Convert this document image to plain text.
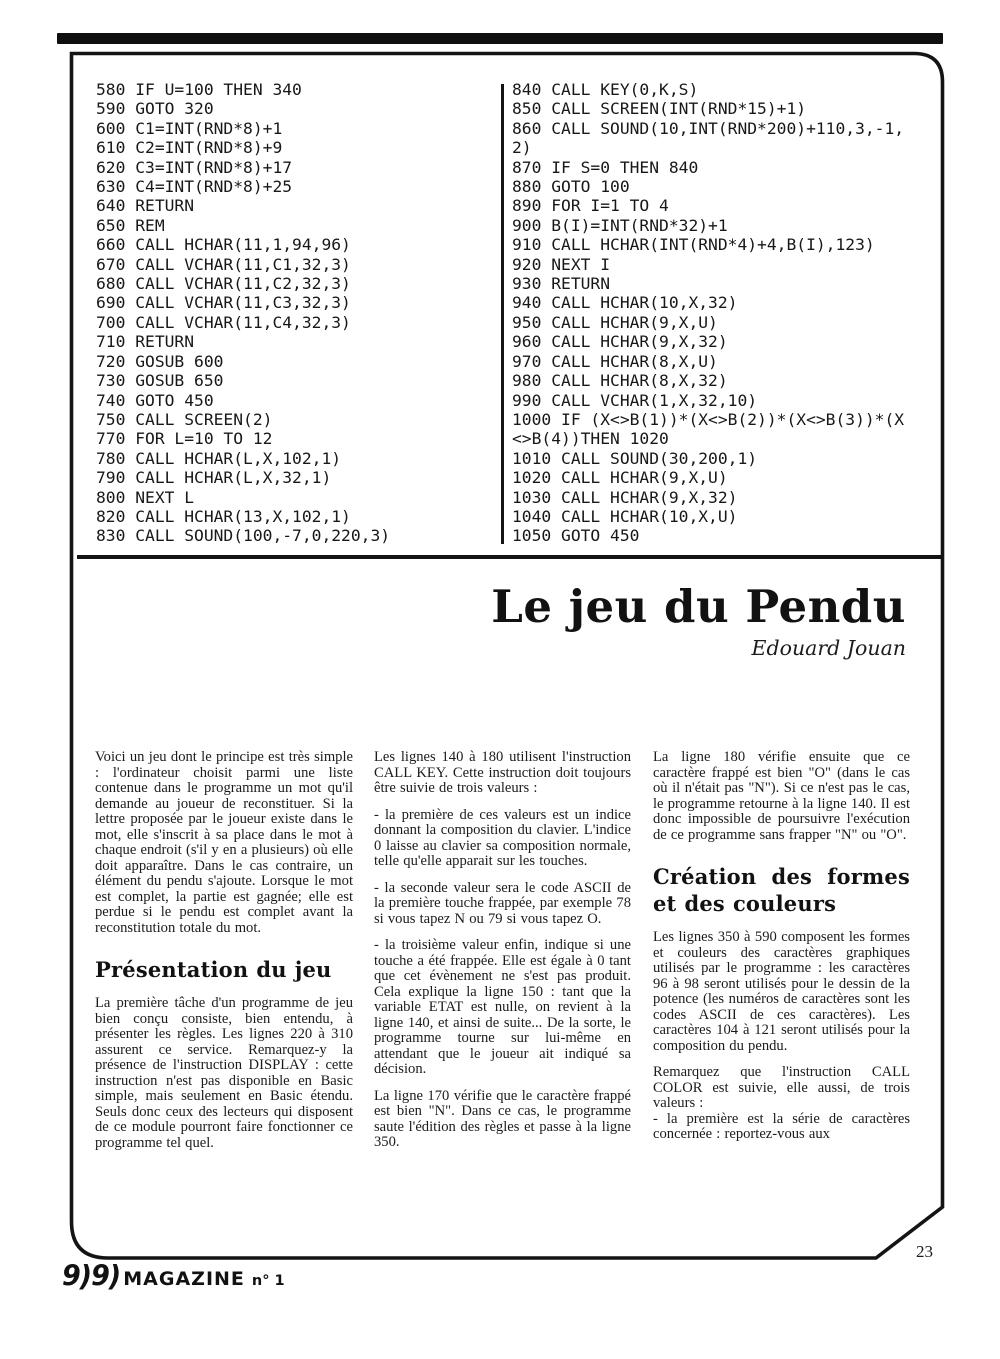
580 IF U=100 THEN 340
590 GOTO 320
600 C1=INT(RND*8)+1
610 C2=INT(RND*8)+9
620 C3=INT(RND*8)+17
630 C4=INT(RND*8)+25
640 RETURN
650 REM
660 CALL HCHAR(11,1,94,96)
670 CALL VCHAR(11,C1,32,3)
680 CALL VCHAR(11,C2,32,3)
690 CALL VCHAR(11,C3,32,3)
700 CALL VCHAR(11,C4,32,3)
710 RETURN
720 GOSUB 600
730 GOSUB 650
740 GOTO 450
750 CALL SCREEN(2)
770 FOR L=10 TO 12
780 CALL HCHAR(L,X,102,1)
790 CALL HCHAR(L,X,32,1)
800 NEXT L
820 CALL HCHAR(13,X,102,1)
830 CALL SOUND(100,-7,0,220,3)
840 CALL KEY(0,K,S)
850 CALL SCREEN(INT(RND*15)+1)
860 CALL SOUND(10,INT(RND*200)+110,3,-1,
2)
870 IF S=0 THEN 840
880 GOTO 100
890 FOR I=1 TO 4
900 B(I)=INT(RND*32)+1
910 CALL HCHAR(INT(RND*4)+4,B(I),123)
920 NEXT I
930 RETURN
940 CALL HCHAR(10,X,32)
950 CALL HCHAR(9,X,U)
960 CALL HCHAR(9,X,32)
970 CALL HCHAR(8,X,U)
980 CALL HCHAR(8,X,32)
990 CALL VCHAR(1,X,32,10)
1000 IF (X<>B(1))*(X<>B(2))*(X<>B(3))*(X
<>B(4))THEN 1020
1010 CALL SOUND(30,200,1)
1020 CALL HCHAR(9,X,U)
1030 CALL HCHAR(9,X,32)
1040 CALL HCHAR(10,X,U)
1050 GOTO 450
Le jeu du Pendu
Edouard Jouan

Voici un jeu dont le principe est très simple : l'ordinateur choisit parmi une liste contenue dans le programme un mot qu'il demande au joueur de reconstituer. Si la lettre proposée par le joueur existe dans le mot, elle s'inscrit à sa place dans le mot à chaque endroit (s'il y en a plusieurs) où elle doit apparaître. Dans le cas contraire, un élément du pendu s'ajoute. Lorsque le mot est complet, la partie est gagnée; elle est perdue si le pendu est complet avant la reconstitution totale du mot.

Présentation du jeu

La première tâche d'un programme de jeu bien conçu consiste, bien entendu, à présenter les règles. Les lignes 220 à 310 assurent ce service. Remarquez-y la présence de l'instruction DISPLAY : cette instruction n'est pas disponible en Basic simple, mais seulement en Basic étendu. Seuls donc ceux des lecteurs qui disposent de ce module pourront faire fonctionner ce programme tel quel.

Les lignes 140 à 180 utilisent l'instruction CALL KEY. Cette instruction doit toujours être suivie de trois valeurs :

- la première de ces valeurs est un indice donnant la composition du clavier. L'indice 0 laisse au clavier sa composition normale, telle qu'elle apparait sur les touches.

- la seconde valeur sera le code ASCII de la première touche frappée, par exemple 78 si vous tapez N ou 79 si vous tapez O.

- la troisième valeur enfin, indique si une touche a été frappée. Elle est égale à 0 tant que cet évènement ne s'est pas produit. Cela explique la ligne 150 : tant que la variable ETAT est nulle, on revient à la ligne 140, et ainsi de suite... De la sorte, le programme tourne sur lui-même en attendant que le joueur ait indiqué sa décision.

La ligne 170 vérifie que le caractère frappé est bien "N". Dans ce cas, le programme saute l'édition des règles et passe à la ligne 350.

La ligne 180 vérifie ensuite que ce caractère frappé est bien "O" (dans le cas où il n'était pas "N"). Si ce n'est pas le cas, le programme retourne à la ligne 140. Il est donc impossible de poursuivre l'exécution de ce programme sans frapper "N" ou "O".

Création des formes et des couleurs

Les lignes 350 à 590 composent les formes et couleurs des caractères graphiques utilisés par le programme : les caractères 96 à 98 seront utilisés pour le dessin de la potence (les numéros de caractères sont les codes ASCII de ces caractères). Les caractères 104 à 121 seront utilisés pour la composition du pendu.

Remarquez que l'instruction CALL COLOR est suivie, elle aussi, de trois valeurs :

- la première est la série de caractères concernée : reportez-vous aux

9)9) MAGAZINE n° 1
23
